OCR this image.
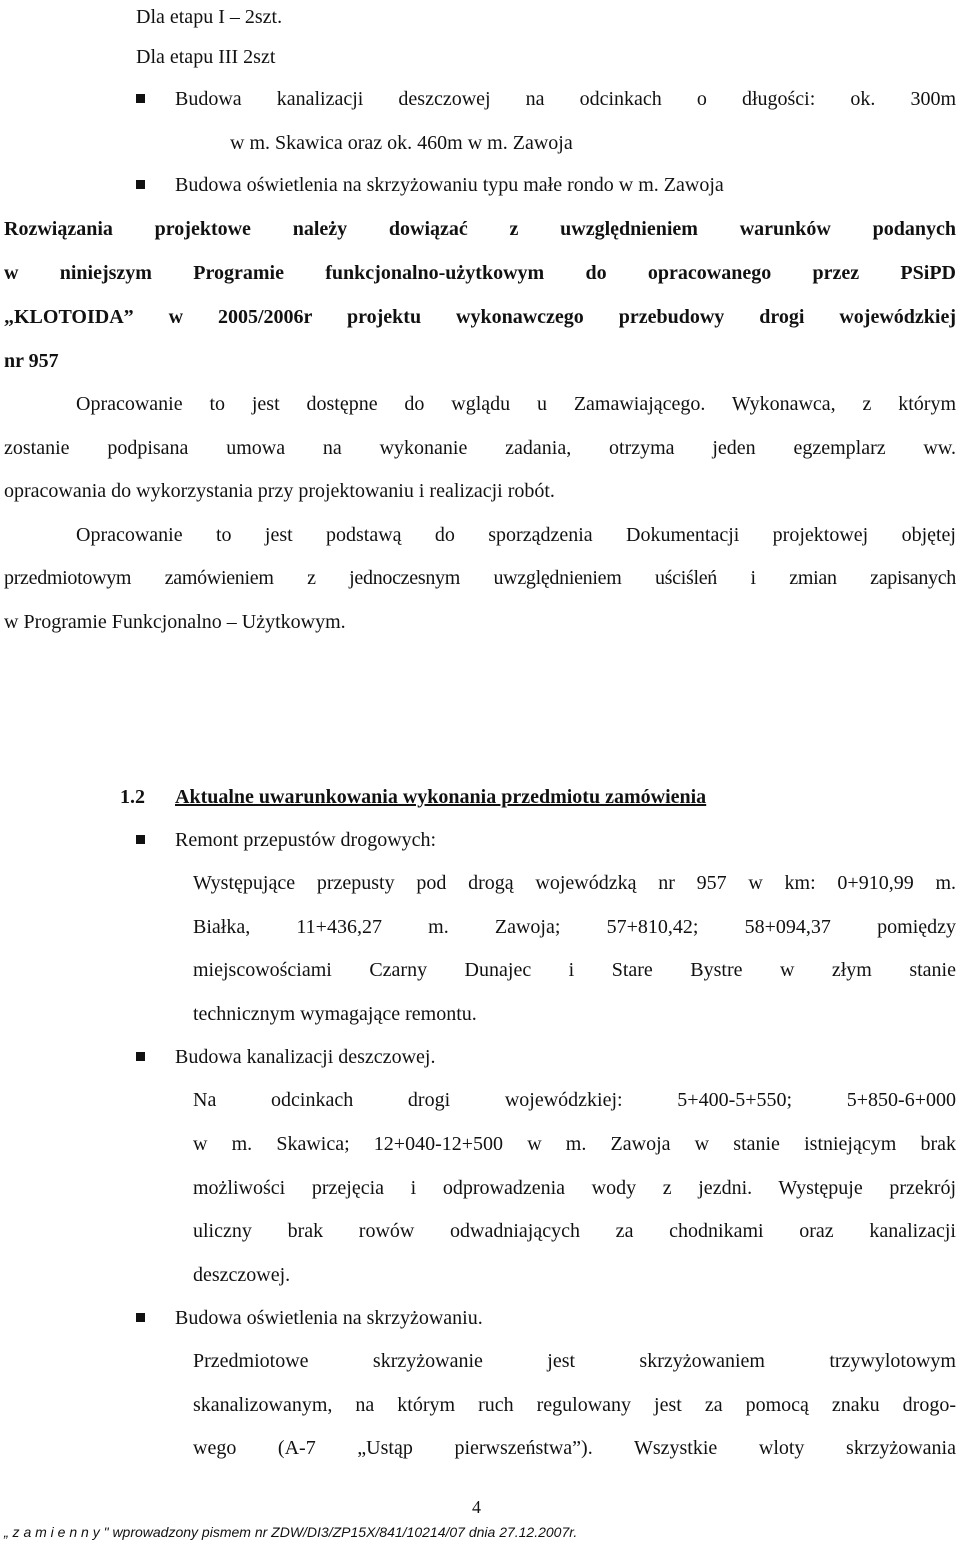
Dla etapu I – 2szt.
Dla etapu III 2szt
Budowa kanalizacji deszczowej na odcinkach o długości: ok. 300m
w m. Skawica oraz ok. 460m w m. Zawoja
Budowa oświetlenia na skrzyżowaniu typu małe rondo w m. Zawoja
Rozwiązania projektowe należy dowiązać z uwzględnieniem warunków podanych
w niniejszym Programie funkcjonalno-użytkowym do opracowanego przez PSiPD
„KLOTOIDA” w 2005/2006r projektu wykonawczego przebudowy drogi wojewódzkiej
nr 957
Opracowanie to jest dostępne do wglądu u Zamawiającego. Wykonawca, z którym
zostanie podpisana umowa na wykonanie zadania, otrzyma jeden egzemplarz ww.
opracowania do wykorzystania przy projektowaniu i realizacji robót.
Opracowanie to jest podstawą do sporządzenia Dokumentacji projektowej objętej
przedmiotowym zamówieniem z jednoczesnym uwzględnieniem uściśleń i zmian zapisanych
w Programie Funkcjonalno – Użytkowym.
1.2 Aktualne uwarunkowania wykonania przedmiotu zamówienia
Remont przepustów drogowych:
Występujące przepusty pod drogą wojewódzką nr 957 w km: 0+910,99 m.
Białka, 11+436,27 m. Zawoja; 57+810,42; 58+094,37 pomiędzy
miejscowościami Czarny Dunajec i Stare Bystre w złym stanie
technicznym wymagające remontu.
Budowa kanalizacji deszczowej.
Na odcinkach drogi wojewódzkiej: 5+400-5+550; 5+850-6+000
w m. Skawica; 12+040-12+500 w m. Zawoja w stanie istniejącym brak
możliwości przejęcia i odprowadzenia wody z jezdni. Występuje przekrój
uliczny brak rowów odwadniających za chodnikami oraz kanalizacji
deszczowej.
Budowa oświetlenia na skrzyżowaniu.
Przedmiotowe skrzyżowanie jest skrzyżowaniem trzywylotowym
skanalizowanym, na którym ruch regulowany jest za pomocą znaku drogo-
wego (A-7 „Ustąp pierwszeństwa”). Wszystkie wloty skrzyżowania
4
„ z a m i e n n y " wprowadzony pismem nr ZDW/DI3/ZP15X/841/10214/07 dnia 27.12.2007r.
